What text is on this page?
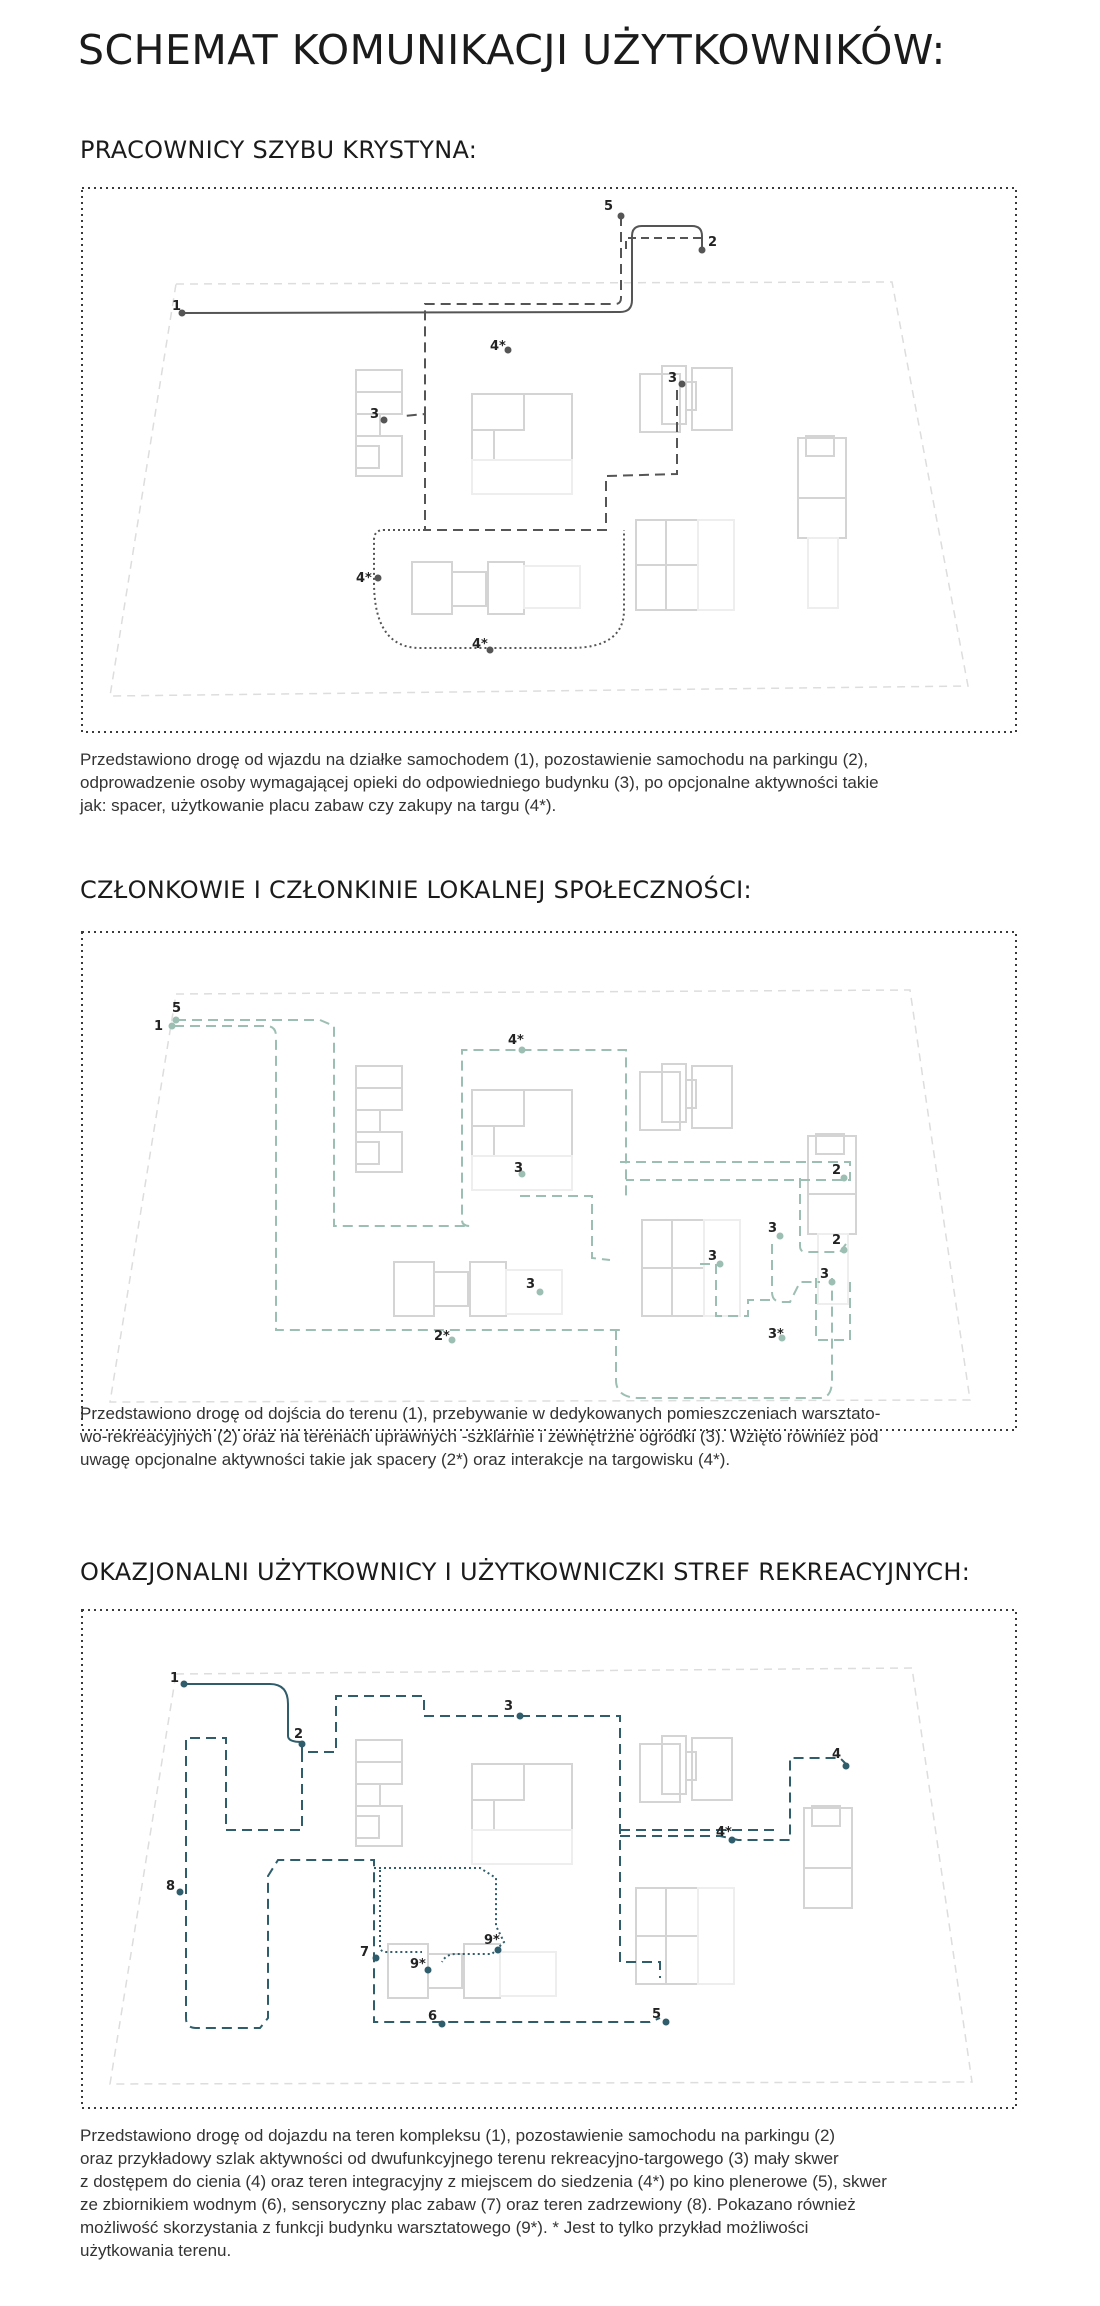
SCHEMAT KOMUNIKACJI UŻYTKOWNIKÓW:
PRACOWNICY SZYBU KRYSTYNA:
1
2
3
3
4*
4*
4*
5

Przedstawiono drogę od wjazdu na działke samochodem (1), pozostawienie samochodu na parkingu (2),
odprowadzenie osoby wymagającej opieki do odpowiedniego budynku (3), po opcjonalne aktywności takie
jak: spacer, użytkowanie placu zabaw czy zakupy na targu (4*).

CZŁONKOWIE I CZŁONKINIE LOKALNEJ SPOŁECZNOŚCI:
1
5
4*
3
3
2
2
3
3
3
2*	3*

Przedstawiono drogę od dojścia do terenu (1), przebywanie w dedykowanych pomieszczeniach warsztato-
wo-rekreacyjnych (2) oraz na terenach uprawnych -szklarnie i zewnętrzne ogródki (3). Wzięto również pod
uwagę opcjonalne aktywności takie jak spacery (2*) oraz interakcje na targowisku (4*).

OKAZJONALNI UŻYTKOWNICY I UŻYTKOWNICZKI STREF REKREACYJNYCH:
1
2
3
4
4*
8
7
9*
9*
6	5

Przedstawiono drogę od dojazdu na teren kompleksu (1), pozostawienie samochodu na parkingu (2)
oraz przykładowy szlak aktywności od dwufunkcyjnego terenu rekreacyjno-targowego (3) mały skwer
z dostępem do cienia (4) oraz teren integracyjny z miejscem do siedzenia (4*) po kino plenerowe (5), skwer
ze zbiornikiem wodnym (6), sensoryczny plac zabaw (7) oraz teren zadrzewiony (8). Pokazano również
możliwość skorzystania z funkcji budynku warsztatowego (9*). * Jest to tylko przykład możliwości
użytkowania terenu.
